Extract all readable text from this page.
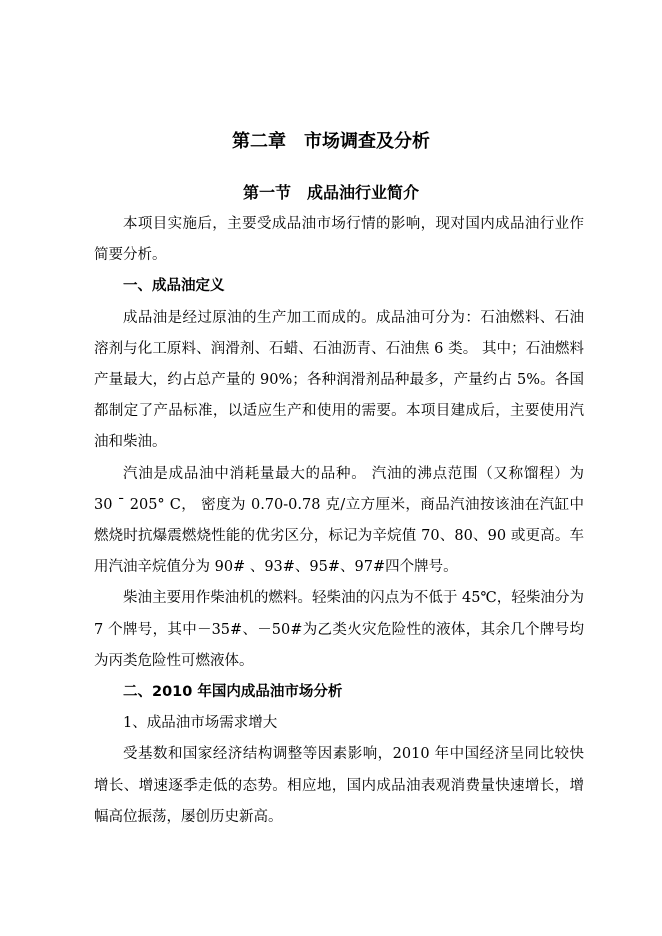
第二章　市场调查及分析
第一节　成品油行业简介

本项目实施后，主要受成品油市场行情的影响，现对国内成品油行业作简要分析。

一、成品油定义

成品油是经过原油的生产加工而成的。成品油可分为：石油燃料、石油溶剂与化工原料、润滑剂、石蜡、石油沥青、石油焦 6 类。 其中；石油燃料产量最大，约占总产量的 90%；各种润滑剂品种最多，产量约占 5%。各国都制定了产品标准，以适应生产和使用的需要。本项目建成后，主要使用汽油和柴油。

汽油是成品油中消耗量最大的品种。 汽油的沸点范围（又称馏程）为 30 ¯ 205° C， 密度为 0.70-0.78 克/立方厘米，商品汽油按该油在汽缸中燃烧时抗爆震燃烧性能的优劣区分，标记为辛烷值 70、80、90 或更高。车用汽油辛烷值分为 90# 、93#、95#、97#四个牌号。

柴油主要用作柴油机的燃料。轻柴油的闪点为不低于 45℃，轻柴油分为 7 个牌号，其中－35#、－50#为乙类火灾危险性的液体，其余几个牌号均为丙类危险性可燃液体。

二、2010 年国内成品油市场分析

1、成品油市场需求增大

受基数和国家经济结构调整等因素影响，2010 年中国经济呈同比较快增长、增速逐季走低的态势。相应地，国内成品油表观消费量快速增长，增幅高位振荡，屡创历史新高。
